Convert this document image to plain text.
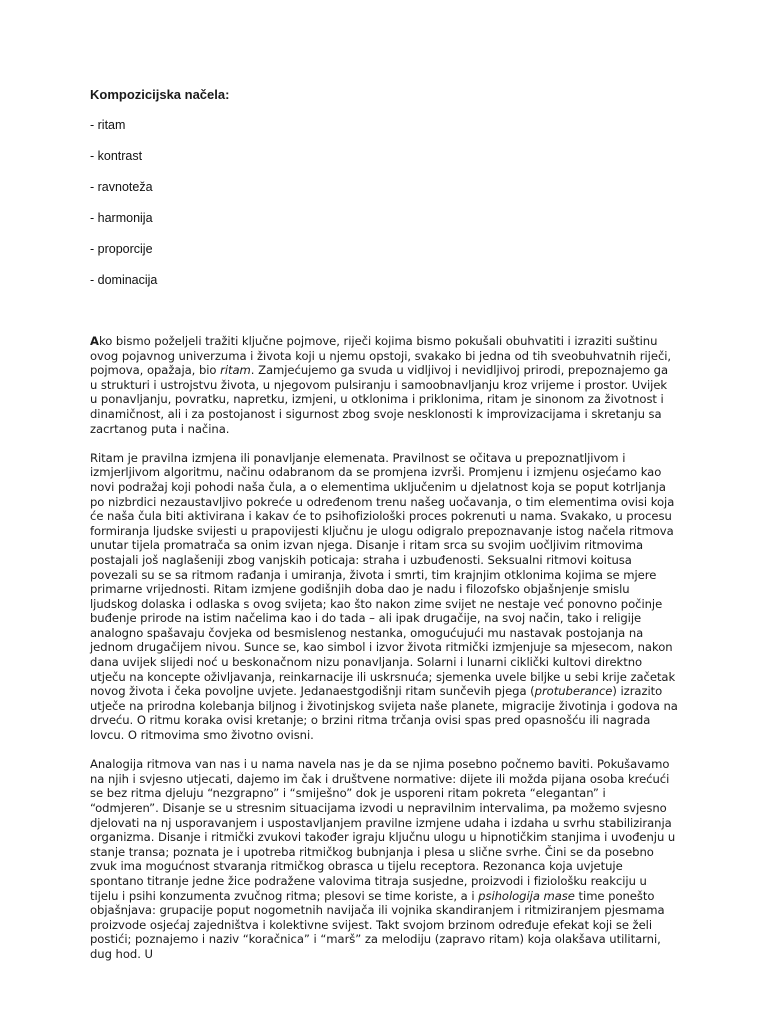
Kompozicijska načela:
- ritam
- kontrast
- ravnoteža
- harmonija
- proporcije
- dominacija

Ako bismo poželjeli tražiti ključne pojmove, riječi kojima bismo pokušali obuhvatiti i izraziti suštinu ovog pojavnog univerzuma i života koji u njemu opstoji, svakako bi jedna od tih sveobuhvatnih riječi, pojmova, opažaja, bio ritam. Zamjećujemo ga svuda u vidljivoj i nevidljivoj prirodi, prepoznajemo ga u strukturi i ustrojstvu života, u njegovom pulsiranju i samoobnavljanju kroz vrijeme i prostor. Uvijek u ponavljanju, povratku, napretku, izmjeni, u otklonima i priklonima, ritam je sinonom za životnost i dinamičnost, ali i za postojanost i sigurnost zbog svoje nesklonosti k improvizacijama i skretanju sa zacrtanog puta i načina.

Ritam je pravilna izmjena ili ponavljanje elemenata. Pravilnost se očitava u prepoznatljivom i izmjerljivom algoritmu, načinu odabranom da se promjena izvrši. Promjenu i izmjenu osjećamo kao novi podražaj koji pohodi naša čula, a o elementima uključenim u djelatnost koja se poput kotrljanja po nizbrdici nezaustavljivo pokreće u određenom trenu našeg uočavanja, o tim elementima ovisi koja će naša čula biti aktivirana i kakav će to psihofiziološki proces pokrenuti u nama. Svakako, u procesu formiranja ljudske svijesti u prapovijesti ključnu je ulogu odigralo prepoznavanje istog načela ritmova unutar tijela promatrača sa onim izvan njega. Disanje i ritam srca su svojim uočljivim ritmovima postajali još naglašeniji zbog vanjskih poticaja: straha i uzbuđenosti. Seksualni ritmovi koitusa povezali su se sa ritmom rađanja i umiranja, života i smrti, tim krajnjim otklonima kojima se mjere primarne vrijednosti. Ritam izmjene godišnjih doba dao je nadu i filozofsko objašnjenje smislu ljudskog dolaska i odlaska s ovog svijeta; kao što nakon zime svijet ne nestaje već ponovno počinje buđenje prirode na istim načelima kao i do tada – ali ipak drugačije, na svoj način, tako i religije analogno spašavaju čovjeka od besmislenog nestanka, omogućujući mu nastavak postojanja na jednom drugačijem nivou. Sunce se, kao simbol i izvor života ritmički izmjenjuje sa mjesecom, nakon dana uvijek slijedi noć u beskonačnom nizu ponavljanja. Solarni i lunarni ciklički kultovi direktno utječu na koncepte oživljavanja, reinkarnacije ili uskrsnuća; sjemenka uvele biljke u sebi krije začetak novog života i čeka povoljne uvjete. Jedanaestgodišnji ritam sunčevih pjega (protuberance) izrazito utječe na prirodna kolebanja biljnog i životinjskog svijeta naše planete, migracije životinja i godova na drveću. O ritmu koraka ovisi kretanje; o brzini ritma trčanja ovisi spas pred opasnošću ili nagrada lovcu. O ritmovima smo životno ovisni.

Analogija ritmova van nas i u nama navela nas je da se njima posebno počnemo baviti. Pokušavamo na njih i svjesno utjecati, dajemo im čak i društvene normative: dijete ili možda pijana osoba krećući se bez ritma djeluju “nezgrapno” i “smiješno” dok je usporeni ritam pokreta “elegantan” i “odmjeren”. Disanje se u stresnim situacijama izvodi u nepravilnim intervalima, pa možemo svjesno djelovati na nj usporavanjem i uspostavljanjem pravilne izmjene udaha i izdaha u svrhu stabiliziranja organizma. Disanje i ritmički zvukovi također igraju ključnu ulogu u hipnotičkim stanjima i uvođenju u stanje transa; poznata je i upotreba ritmičkog bubnjanja i plesa u slične svrhe. Čini se da posebno zvuk ima mogućnost stvaranja ritmičkog obrasca u tijelu receptora. Rezonanca koja uvjetuje spontano titranje jedne žice podražene valovima titraja susjedne, proizvodi i fiziološku reakciju u tijelu i psihi konzumenta zvučnog ritma; plesovi se time koriste, a i psihologija mase time ponešto objašnjava: grupacije poput nogometnih navijača ili vojnika skandiranjem i ritmiziranjem pjesmama proizvode osjećaj zajedništva i kolektivne svijest. Takt svojom brzinom određuje efekat koji se želi postići; poznajemo i naziv “koračnica” i “marš” za melodiju (zapravo ritam) koja olakšava utilitarni, dug hod. U
